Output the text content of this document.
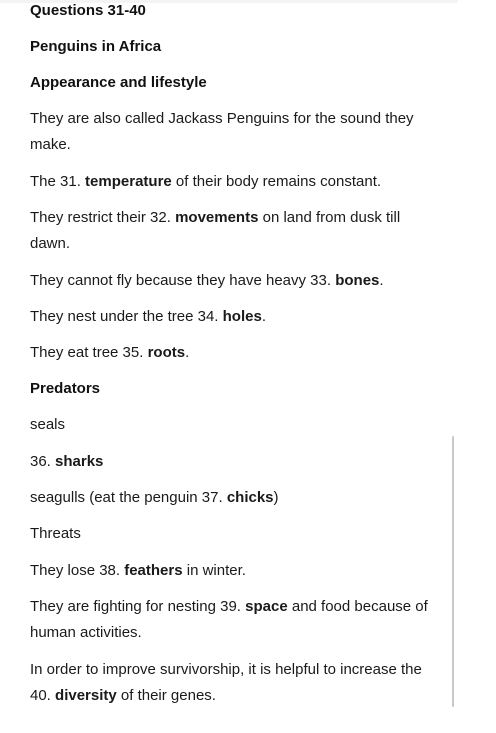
Questions 31-40
Penguins in Africa
Appearance and lifestyle
They are also called Jackass Penguins for the sound they make.
The 31. temperature of their body remains constant.
They restrict their 32. movements on land from dusk till dawn.
They cannot fly because they have heavy 33. bones.
They nest under the tree 34. holes.
They eat tree 35. roots.
Predators
seals
36. sharks
seagulls (eat the penguin 37. chicks)
Threats
They lose 38. feathers in winter.
They are fighting for nesting 39. space and food because of human activities.
In order to improve survivorship, it is helpful to increase the 40. diversity of their genes.
